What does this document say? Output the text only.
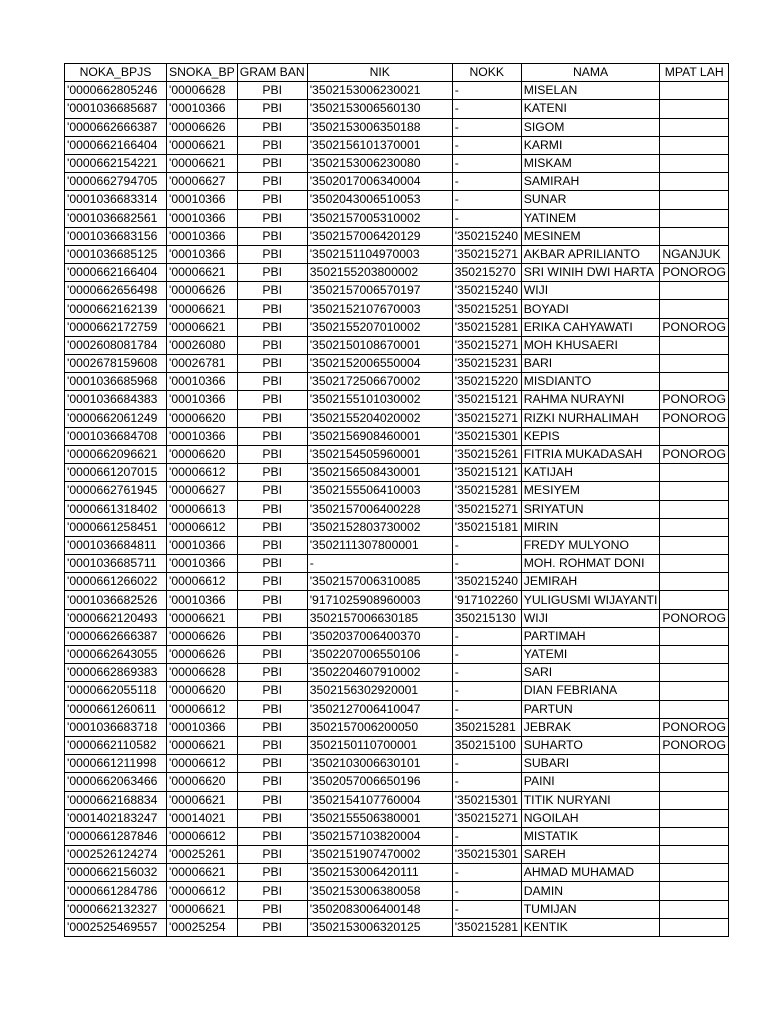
NOKA_BPJS	SNOKA_BP	GRAM BAN	NIK	NOKK	NAMA	MPAT LAH

'0000662805246	'00006628	PBI	'3502153006230021	-	MISELAN	
'0001036685687	'00010366	PBI	'3502153006560130	-	KATENI	
'0000662666387	'00006626	PBI	'3502153006350188	-	SIGOM	
'0000662166404	'00006621	PBI	'3502156101370001	-	KARMI	
'0000662154221	'00006621	PBI	'3502153006230080	-	MISKAM	
'0000662794705	'00006627	PBI	'3502017006340004	-	SAMIRAH	
'0001036683314	'00010366	PBI	'3502043006510053	-	SUNAR	
'0001036682561	'00010366	PBI	'3502157005310002	-	YATINEM	
'0001036683156	'00010366	PBI	'3502157006420129	'350215240	MESINEM	
'0001036685125	'00010366	PBI	'3502151104970003	'350215271	AKBAR APRILIANTO	NGANJUK
'0000662166404	'00006621	PBI	3502155203800002	350215270	SRI WINIH DWI HARTA	PONOROG
'0000662656498	'00006626	PBI	'3502157006570197	'350215240	WIJI	
'0000662162139	'00006621	PBI	'3502152107670003	'350215251	BOYADI	
'0000662172759	'00006621	PBI	'3502155207010002	'350215281	ERIKA CAHYAWATI	PONOROG
'0002608081784	'00026080	PBI	'3502150108670001	'350215271	MOH KHUSAERI	
'0002678159608	'00026781	PBI	'3502152006550004	'350215231	BARI	
'0001036685968	'00010366	PBI	'3502172506670002	'350215220	MISDIANTO	
'0001036684383	'00010366	PBI	'3502155101030002	'350215121	RAHMA NURAYNI	PONOROG
'0000662061249	'00006620	PBI	'3502155204020002	'350215271	RIZKI NURHALIMAH	PONOROG
'0001036684708	'00010366	PBI	'3502156908460001	'350215301	KEPIS	
'0000662096621	'00006620	PBI	'3502154505960001	'350215261	FITRIA MUKADASAH	PONOROG
'0000661207015	'00006612	PBI	'3502156508430001	'350215121	KATIJAH	
'0000662761945	'00006627	PBI	'3502155506410003	'350215281	MESIYEM	
'0000661318402	'00006613	PBI	'3502157006400228	'350215271	SRIYATUN	
'0000661258451	'00006612	PBI	'3502152803730002	'350215181	MIRIN	
'0001036684811	'00010366	PBI	'3502111307800001	-	FREDY MULYONO	
'0001036685711	'00010366	PBI	-	-	MOH. ROHMAT DONI	
'0000661266022	'00006612	PBI	'3502157006310085	'350215240	JEMIRAH	
'0001036682526	'00010366	PBI	'9171025908960003	'917102260	YULIGUSMI WIJAYANTI	
'0000662120493	'00006621	PBI	3502157006630185	350215130	WIJI	PONOROG
'0000662666387	'00006626	PBI	'3502037006400370	-	PARTIMAH	
'0000662643055	'00006626	PBI	'3502207006550106	-	YATEMI	
'0000662869383	'00006628	PBI	'3502204607910002	-	SARI	
'0000662055118	'00006620	PBI	3502156302920001	-	DIAN FEBRIANA	
'0000661260611	'00006612	PBI	'3502127006410047	-	PARTUN	
'0001036683718	'00010366	PBI	3502157006200050	350215281	JEBRAK	PONOROG
'0000662110582	'00006621	PBI	3502150110700001	350215100	SUHARTO	PONOROG
'0000661211998	'00006612	PBI	'3502103006630101	-	SUBARI	
'0000662063466	'00006620	PBI	'3502057006650196	-	PAINI	
'0000662168834	'00006621	PBI	'3502154107760004	'350215301	TITIK NURYANI	
'0001402183247	'00014021	PBI	'3502155506380001	'350215271	NGOILAH	
'0000661287846	'00006612	PBI	'3502157103820004	-	MISTATIK	
'0002526124274	'00025261	PBI	'3502151907470002	'350215301	SAREH	
'0000662156032	'00006621	PBI	'3502153006420111	-	AHMAD MUHAMAD	
'0000661284786	'00006612	PBI	'3502153006380058	-	DAMIN	
'0000662132327	'00006621	PBI	'3502083006400148	-	TUMIJAN	
'0002525469557	'00025254	PBI	'3502153006320125	'350215281	KENTIK	
